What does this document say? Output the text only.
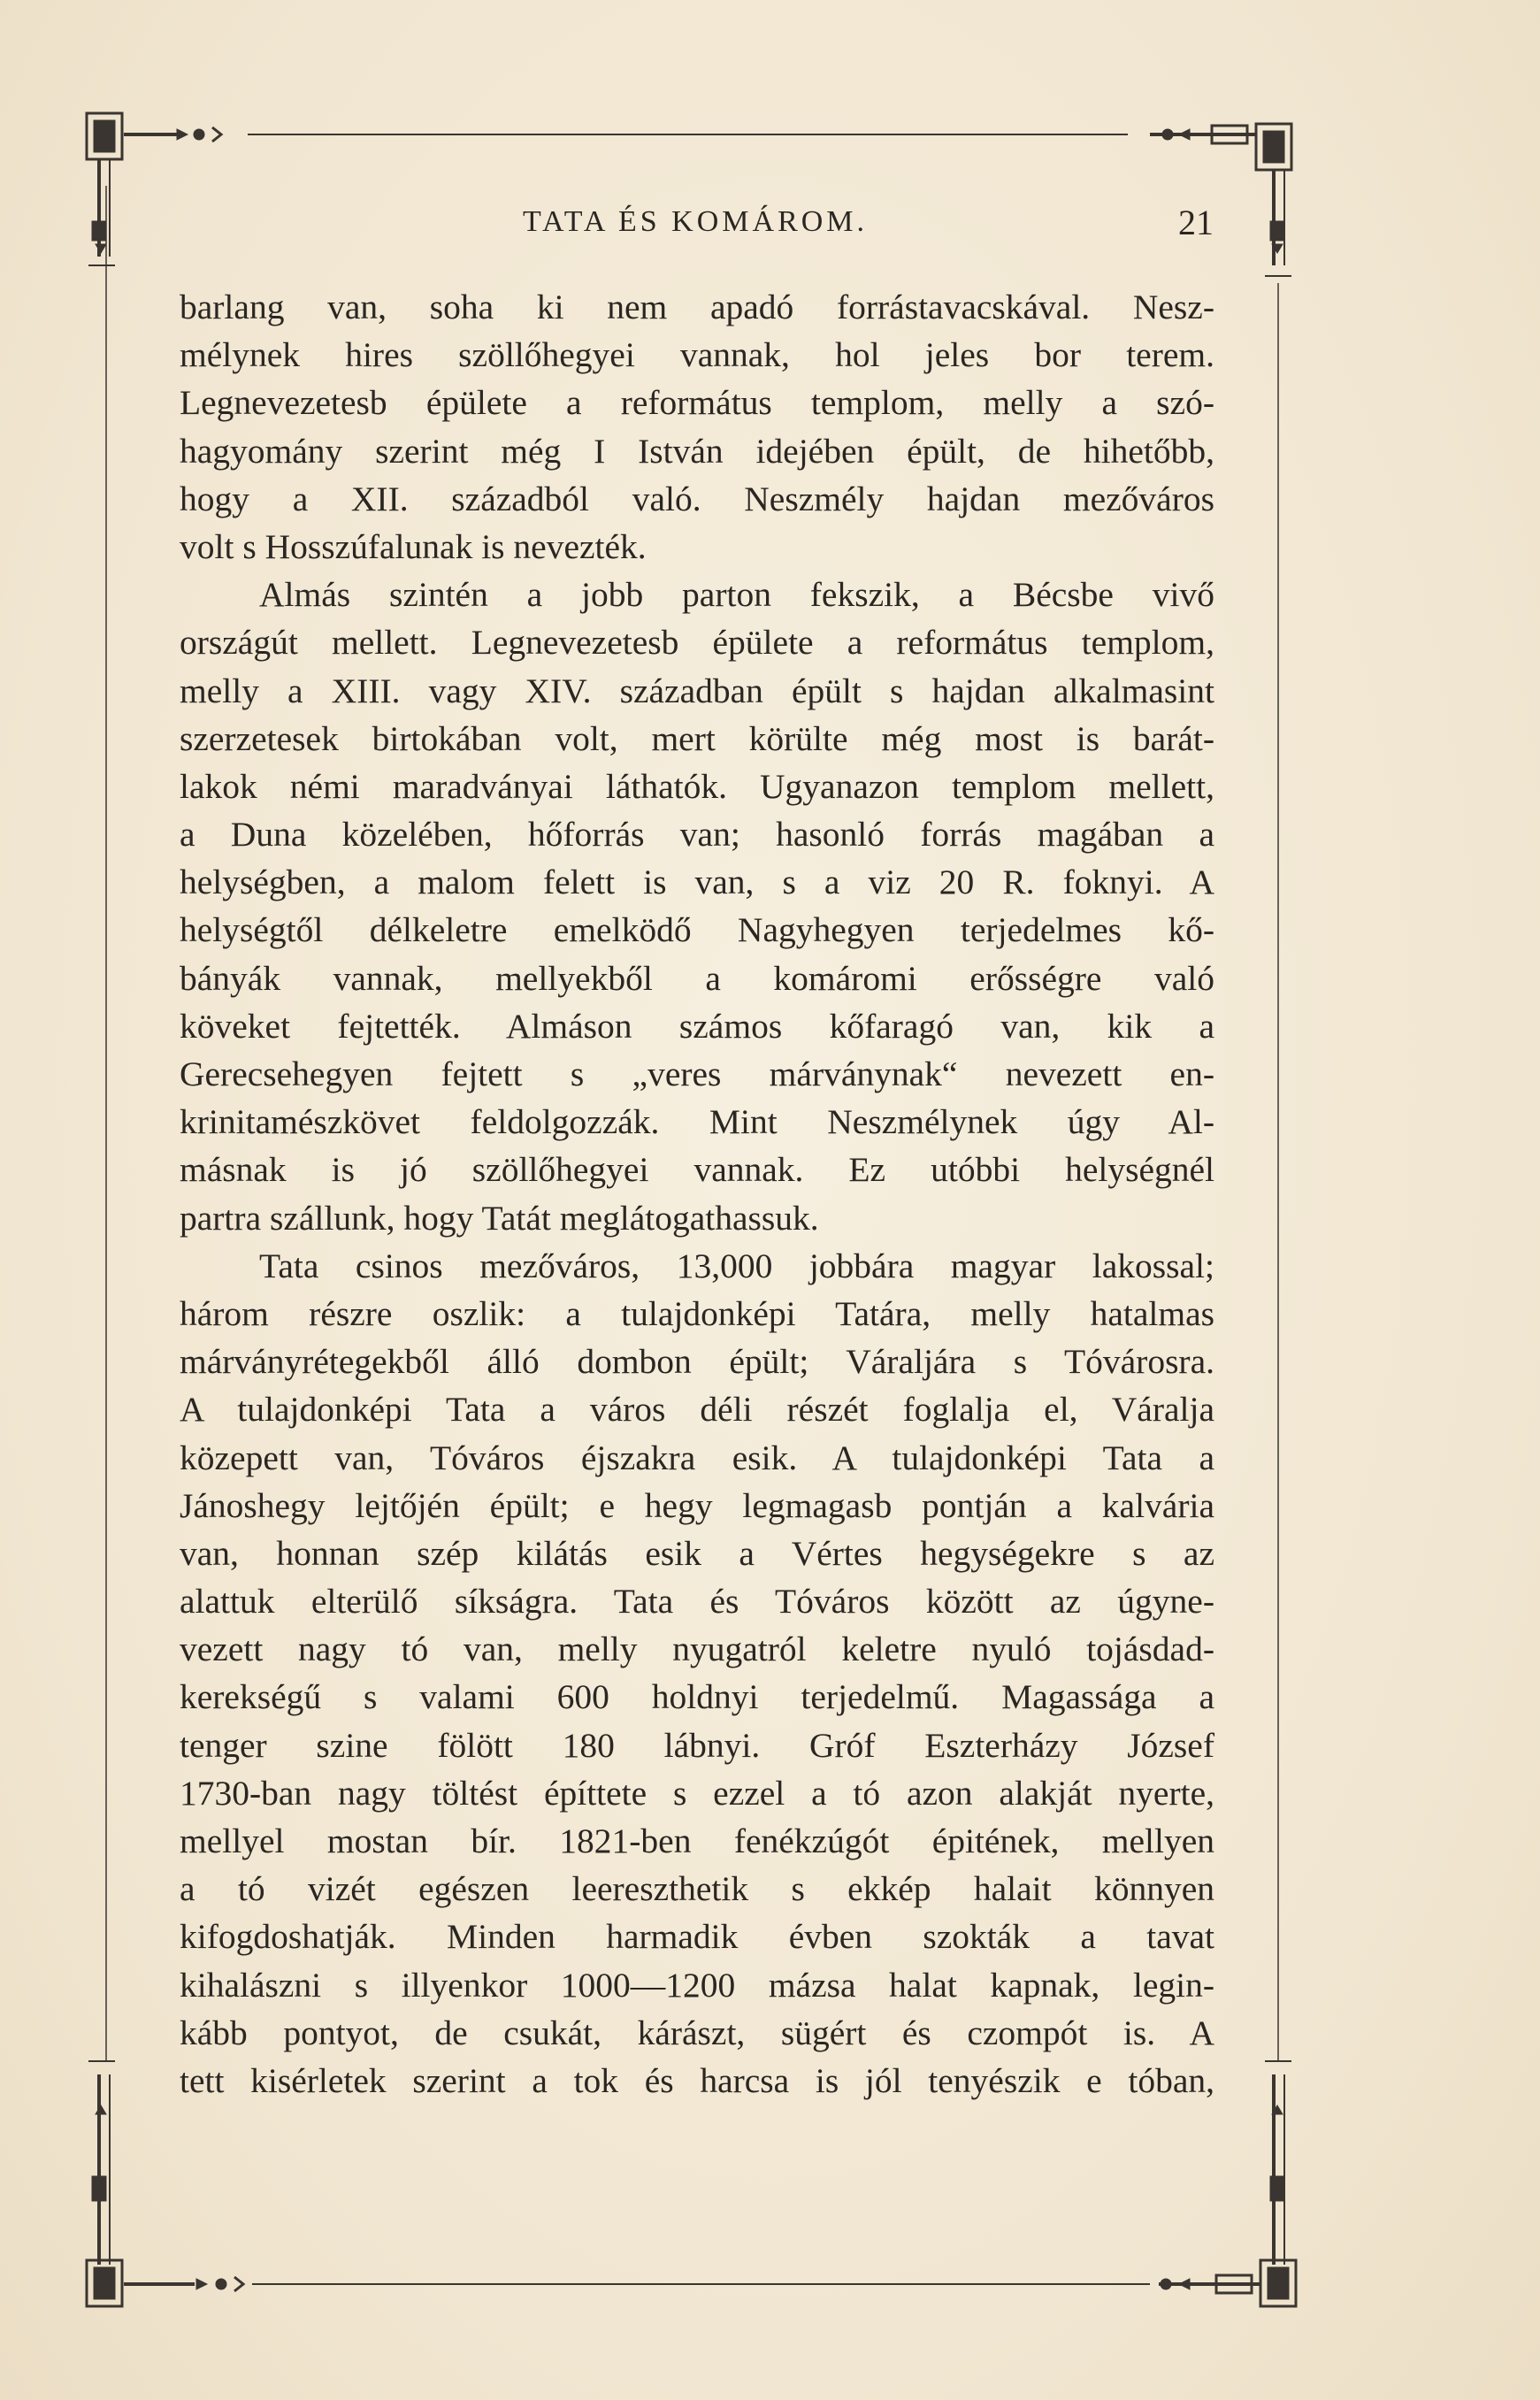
TATA ÉS KOMÁROM.	21
barlang van, soha ki nem apadó forrástavacskával. Nesz-
mélynek hires szöllőhegyei vannak, hol jeles bor terem.
Legnevezetesb épülete a református templom, melly a szó-
hagyomány szerint még I István idejében épült, de hihetőbb,
hogy a XII. századból való. Neszmély hajdan mezőváros
volt s Hosszúfalunak is nevezték.
Almás szintén a jobb parton fekszik, a Bécsbe vivő
országút mellett. Legnevezetesb épülete a református templom,
melly a XIII. vagy XIV. században épült s hajdan alkalmasint
szerzetesek birtokában volt, mert körülte még most is barát-
lakok némi maradványai láthatók. Ugyanazon templom mellett,
a Duna közelében, hőforrás van; hasonló forrás magában a
helységben, a malom felett is van, s a viz 20 R. foknyi. A
helységtől délkeletre emelködő Nagyhegyen terjedelmes kő-
bányák vannak, mellyekből a komáromi erősségre való
köveket fejtették. Almáson számos kőfaragó van, kik a
Gerecsehegyen fejtett s „veres márványnak“ nevezett en-
krinitamészkövet feldolgozzák. Mint Neszmélynek úgy Al-
másnak is jó szöllőhegyei vannak. Ez utóbbi helységnél
partra szállunk, hogy Tatát meglátogathassuk.
Tata csinos mezőváros, 13,000 jobbára magyar lakossal;
három részre oszlik: a tulajdonképi Tatára, melly hatalmas
márványrétegekből álló dombon épült; Váraljára s Tóvárosra.
A tulajdonképi Tata a város déli részét foglalja el, Váralja
közepett van, Tóváros éjszakra esik. A tulajdonképi Tata a
Jánoshegy lejtőjén épült; e hegy legmagasb pontján a kalvária
van, honnan szép kilátás esik a Vértes hegységekre s az
alattuk elterülő síkságra. Tata és Tóváros között az úgyne-
vezett nagy tó van, melly nyugatról keletre nyuló tojásdad-
kerekségű s valami 600 holdnyi terjedelmű. Magassága a
tenger szine fölött 180 lábnyi. Gróf Eszterházy József
1730-ban nagy töltést építtete s ezzel a tó azon alakját nyerte,
mellyel mostan bír. 1821-ben fenékzúgót épitének, mellyen
a tó vizét egészen leereszthetik s ekkép halait könnyen
kifogdoshatják. Minden harmadik évben szokták a tavat
kihalászni s illyenkor 1000—1200 mázsa halat kapnak, legin-
kább pontyot, de csukát, kárászt, sügért és czompót is. A
tett kisérletek szerint a tok és harcsa is jól tenyészik e tóban,
